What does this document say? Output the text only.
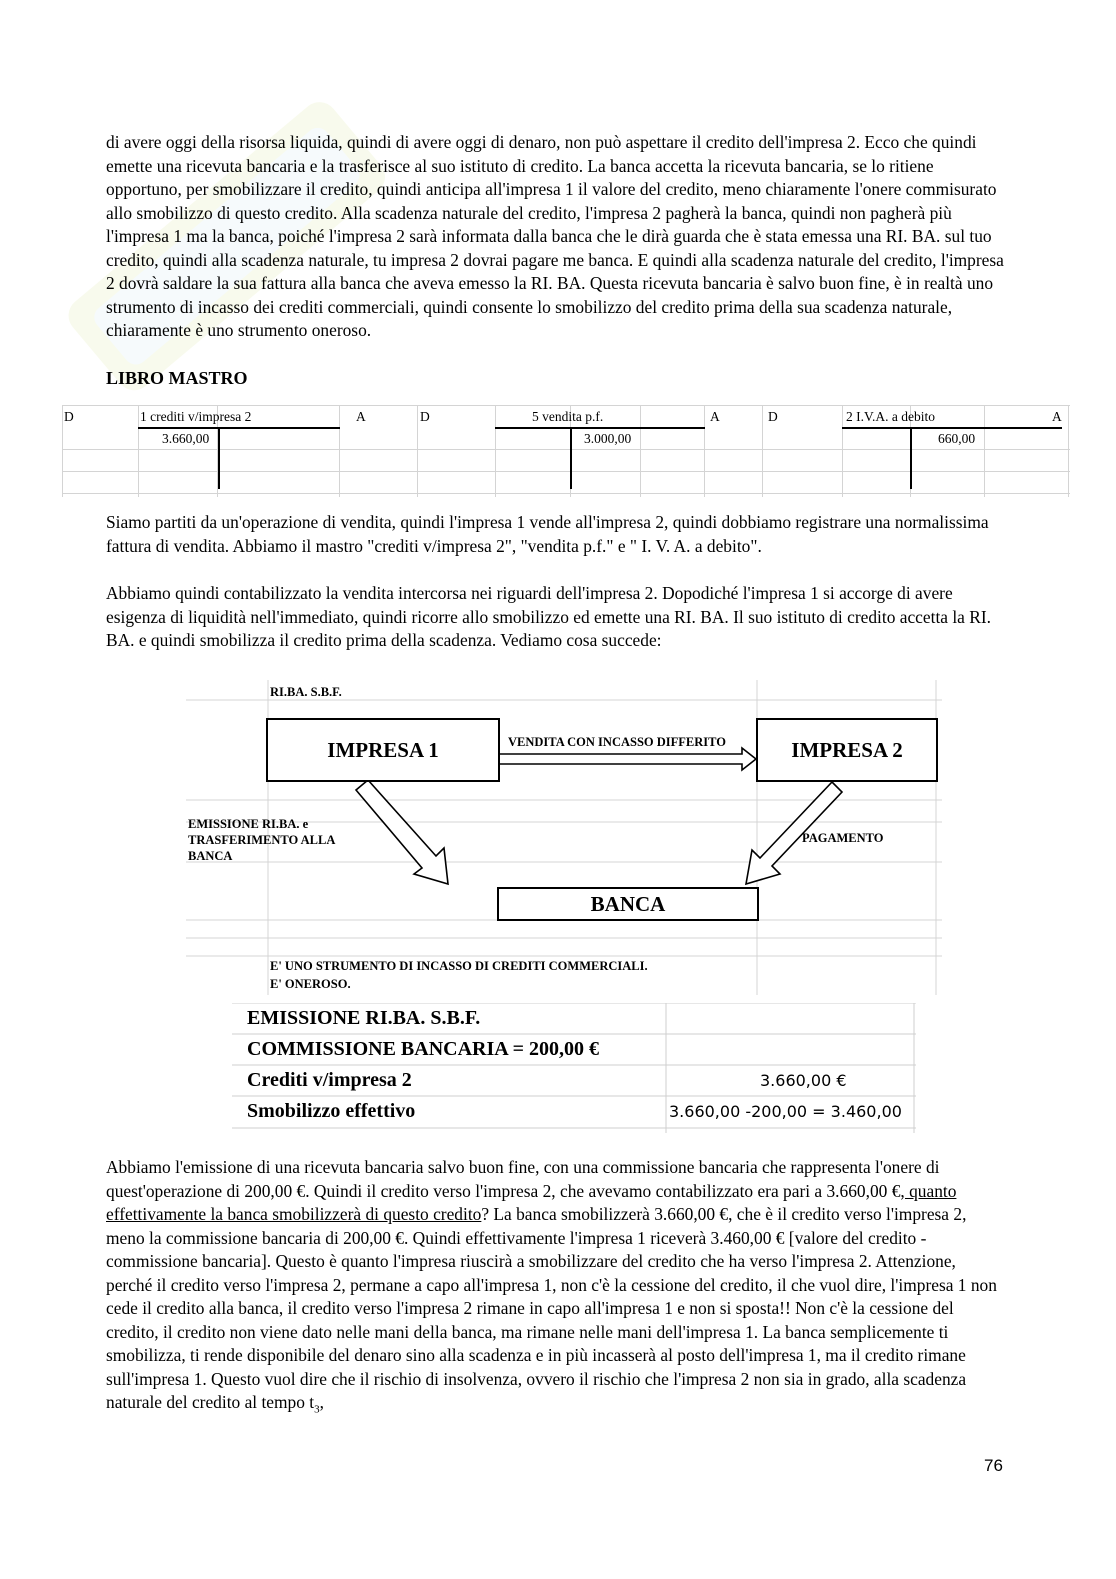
di avere oggi della risorsa liquida, quindi di avere oggi di denaro, non può aspettare il credito dell'impresa 2. Ecco che quindi emette una ricevuta bancaria e la trasferisce al suo istituto di credito. La banca accetta la ricevuta bancaria, se lo ritiene opportuno, per smobilizzare il credito, quindi anticipa all'impresa 1 il valore del credito, meno chiaramente l'onere commisurato allo smobilizzo di questo credito. Alla scadenza naturale del credito, l'impresa 2 pagherà la banca, quindi non pagherà più l'impresa 1 ma la banca, poiché l'impresa 2 sarà informata dalla banca che le dirà guarda che è stata emessa una RI. BA. sul tuo credito, quindi alla scadenza naturale, tu impresa 2 dovrai pagare me banca. E quindi alla scadenza naturale del credito, l'impresa 2 dovrà saldare la sua fattura alla banca che aveva emesso la RI. BA. Questa ricevuta bancaria è salvo buon fine, è in realtà uno strumento di incasso dei crediti commerciali, quindi consente lo smobilizzo del credito prima della sua scadenza naturale, chiaramente è uno strumento oneroso.

LIBRO MASTRO

D	1 crediti v/impresa 2	A
3.660,00
D	5 vendita p.f.	A
3.000,00
D	2 I.V.A. a debito	A
660,00

Siamo partiti da un'operazione di vendita, quindi l'impresa 1 vende all'impresa 2, quindi dobbiamo registrare una normalissima fattura di vendita. Abbiamo il mastro "crediti v/impresa 2", "vendita p.f." e " I. V. A. a debito".

Abbiamo quindi contabilizzato la vendita intercorsa nei riguardi dell'impresa 2. Dopodiché l'impresa 1 si accorge di avere esigenza di liquidità nell'immediato, quindi ricorre allo smobilizzo ed emette una RI. BA. Il suo istituto di credito accetta la RI. BA. e quindi smobilizza il credito prima della scadenza. Vediamo cosa succede:

RI.BA. S.B.F.
IMPRESA 1	IMPRESA 2
BANCA
VENDITA CON INCASSO DIFFERITO
EMISSIONE RI.BA. e
TRASFERIMENTO ALLA
BANCA
PAGAMENTO
E' UNO STRUMENTO DI INCASSO DI CREDITI COMMERCIALI.
E' ONEROSO.
EMISSIONE RI.BA. S.B.F.
COMMISSIONE BANCARIA = 200,00 €
Crediti v/impresa 2	3.660,00 €
Smobilizzo effettivo	3.660,00 -200,00 = 3.460,00

Abbiamo l'emissione di una ricevuta bancaria salvo buon fine, con una commissione bancaria che rappresenta l'onere di quest'operazione di 200,00 €. Quindi il credito verso l'impresa 2, che avevamo contabilizzato era pari a 3.660,00 €, quanto effettivamente la banca smobilizzerà di questo credito? La banca smobilizzerà 3.660,00 €, che è il credito verso l'impresa 2, meno la commissione bancaria di 200,00 €. Quindi effettivamente l'impresa 1 riceverà 3.460,00 € [valore del credito - commissione bancaria]. Questo è quanto l'impresa riuscirà a smobilizzare del credito che ha verso l'impresa 2. Attenzione, perché il credito verso l'impresa 2, permane a capo all'impresa 1, non c'è la cessione del credito, il che vuol dire, l'impresa 1 non cede il credito alla banca, il credito verso l'impresa 2 rimane in capo all'impresa 1 e non si sposta!! Non c'è la cessione del credito, il credito non viene dato nelle mani della banca, ma rimane nelle mani dell'impresa 1. La banca semplicemente ti smobilizza, ti rende disponibile del denaro sino alla scadenza e in più incasserà al posto dell'impresa 1, ma il credito rimane sull'impresa 1. Questo vuol dire che il rischio di insolvenza, ovvero il rischio che l'impresa 2 non sia in grado, alla scadenza naturale del credito al tempo $t_3$,

76
